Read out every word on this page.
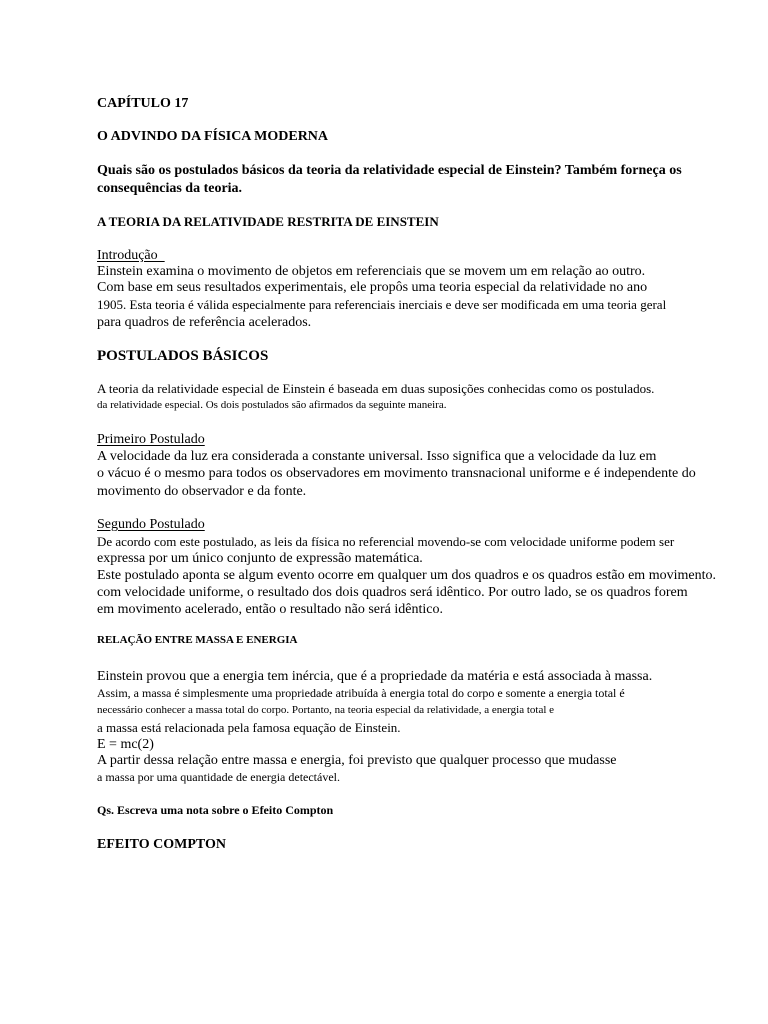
CAPÍTULO 17
O ADVINDO DA FÍSICA MODERNA
Quais são os postulados básicos da teoria da relatividade especial de Einstein? Também forneça os
consequências da teoria.
A TEORIA DA RELATIVIDADE RESTRITA DE EINSTEIN
Introdução
Einstein examina o movimento de objetos em referenciais que se movem um em relação ao outro.
Com base em seus resultados experimentais, ele propôs uma teoria especial da relatividade no ano
1905. Esta teoria é válida especialmente para referenciais inerciais e deve ser modificada em uma teoria geral
para quadros de referência acelerados.
POSTULADOS BÁSICOS
A teoria da relatividade especial de Einstein é baseada em duas suposições conhecidas como os postulados.
da relatividade especial. Os dois postulados são afirmados da seguinte maneira.
Primeiro Postulado
A velocidade da luz era considerada a constante universal. Isso significa que a velocidade da luz em
o vácuo é o mesmo para todos os observadores em movimento transnacional uniforme e é independente do
movimento do observador e da fonte.
Segundo Postulado
De acordo com este postulado, as leis da física no referencial movendo-se com velocidade uniforme podem ser
expressa por um único conjunto de expressão matemática.
Este postulado aponta se algum evento ocorre em qualquer um dos quadros e os quadros estão em movimento.
com velocidade uniforme, o resultado dos dois quadros será idêntico. Por outro lado, se os quadros forem
em movimento acelerado, então o resultado não será idêntico.
RELAÇÃO ENTRE MASSA E ENERGIA
Einstein provou que a energia tem inércia, que é a propriedade da matéria e está associada à massa.
Assim, a massa é simplesmente uma propriedade atribuída à energia total do corpo e somente a energia total é
necessário conhecer a massa total do corpo. Portanto, na teoria especial da relatividade, a energia total e
a massa está relacionada pela famosa equação de Einstein.
E = mc(2)
A partir dessa relação entre massa e energia, foi previsto que qualquer processo que mudasse
a massa por uma quantidade de energia detectável.
Qs. Escreva uma nota sobre o Efeito Compton
EFEITO COMPTON
